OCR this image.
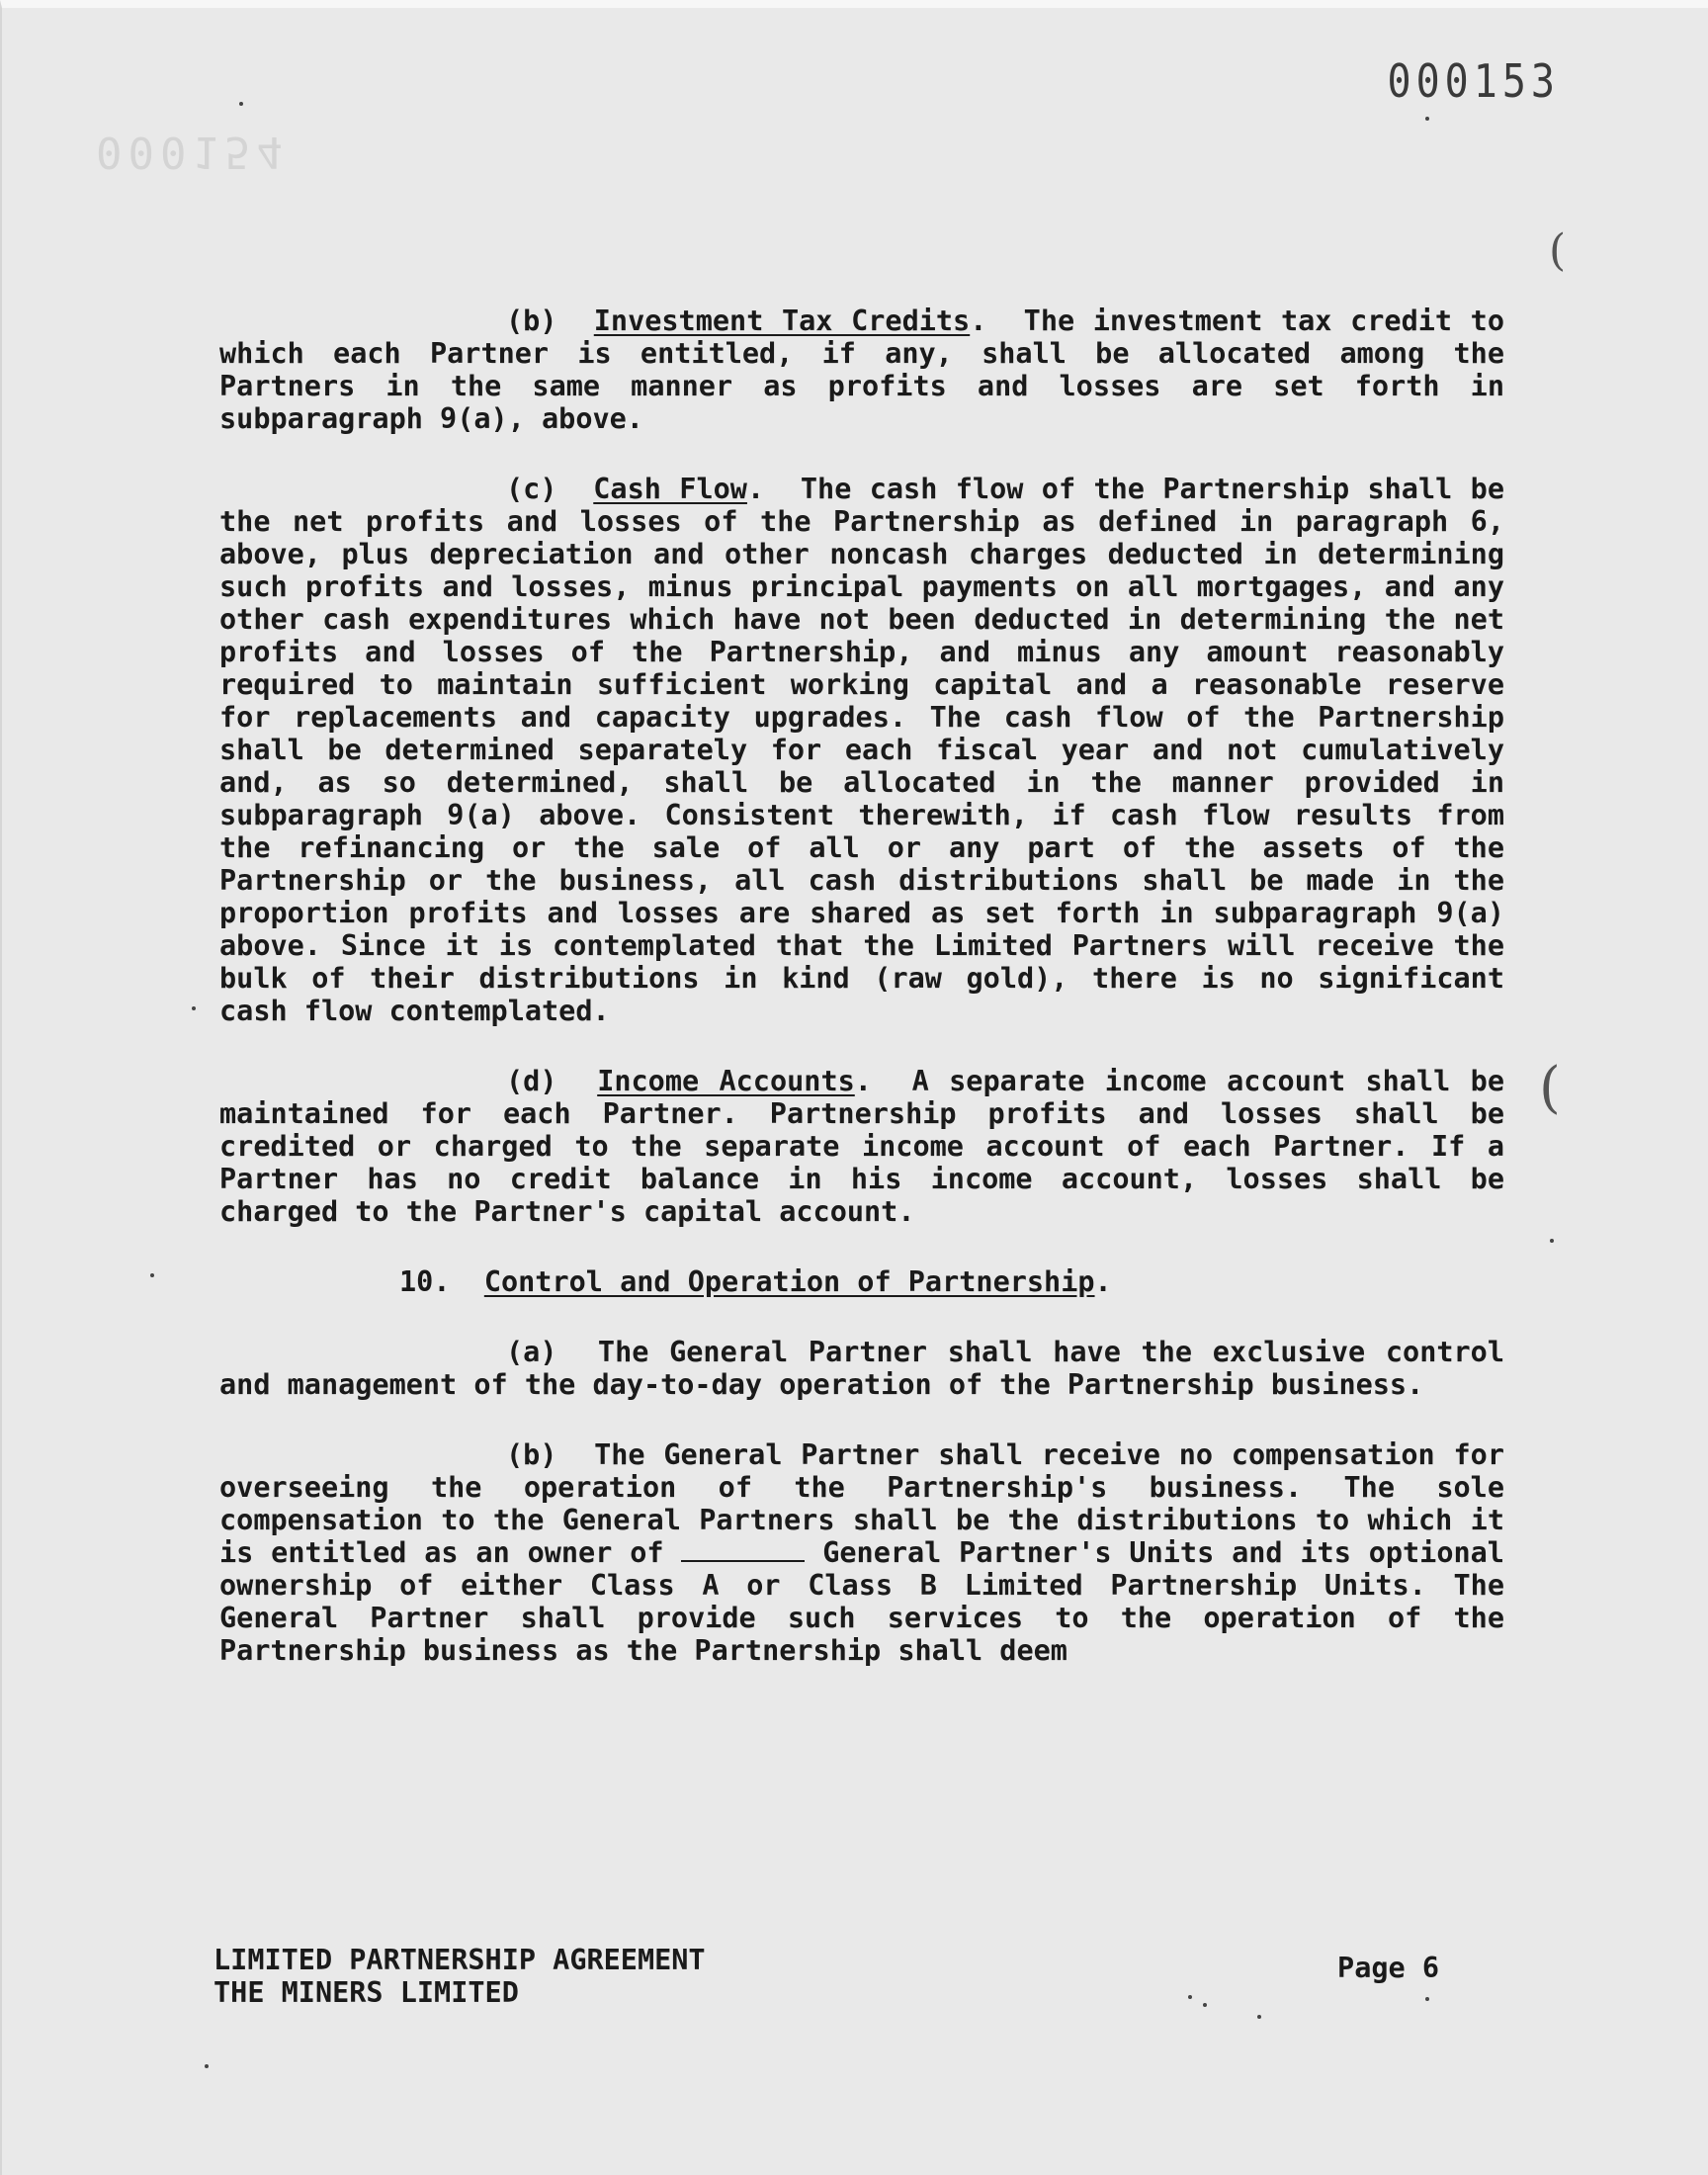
000154
000153

(b) Investment Tax Credits.  The investment tax credit to which each Partner is entitled, if any, shall be allocated among the Partners in the same manner as profits and losses are set forth in subparagraph 9(a), above.

(c) Cash Flow.  The cash flow of the Partnership shall be the net profits and losses of the Partnership as defined in paragraph 6, above, plus depreciation and other noncash charges deducted in determining such profits and losses, minus principal payments on all mortgages, and any other cash expenditures which have not been deducted in determining the net profits and losses of the Partnership, and minus any amount reasonably required to maintain sufficient working capital and a reasonable reserve for replacements and capacity upgrades. The cash flow of the Partnership shall be determined separately for each fiscal year and not cumulatively and, as so determined, shall be allocated in the manner provided in subparagraph 9(a) above. Consistent therewith, if cash flow results from the refinancing or the sale of all or any part of the assets of the Partnership or the business, all cash distributions shall be made in the proportion profits and losses are shared as set forth in subparagraph 9(a) above. Since it is contemplated that the Limited Partners will receive the bulk of their distributions in kind (raw gold), there is no significant cash flow contemplated.

(d) Income Accounts.  A separate income account shall be maintained for each Partner. Partnership profits and losses shall be credited or charged to the separate income account of each Partner. If a Partner has no credit balance in his income account, losses shall be charged to the Partner's capital account.

10. Control and Operation of Partnership.

(a) The General Partner shall have the exclusive control and management of the day-to-day operation of the Partnership business.

(b) The General Partner shall receive no compensation for overseeing the operation of the Partnership's business. The sole compensation to the General Partners shall be the distributions to which it is entitled as an owner of	General Partner's Units and its optional ownership of either Class A or Class B Limited Partnership Units. The General Partner shall provide such services to the operation of the Partnership business as the Partnership shall deem

LIMITED PARTNERSHIP AGREEMENT
THE MINERS LIMITED
Page 6
(
(
